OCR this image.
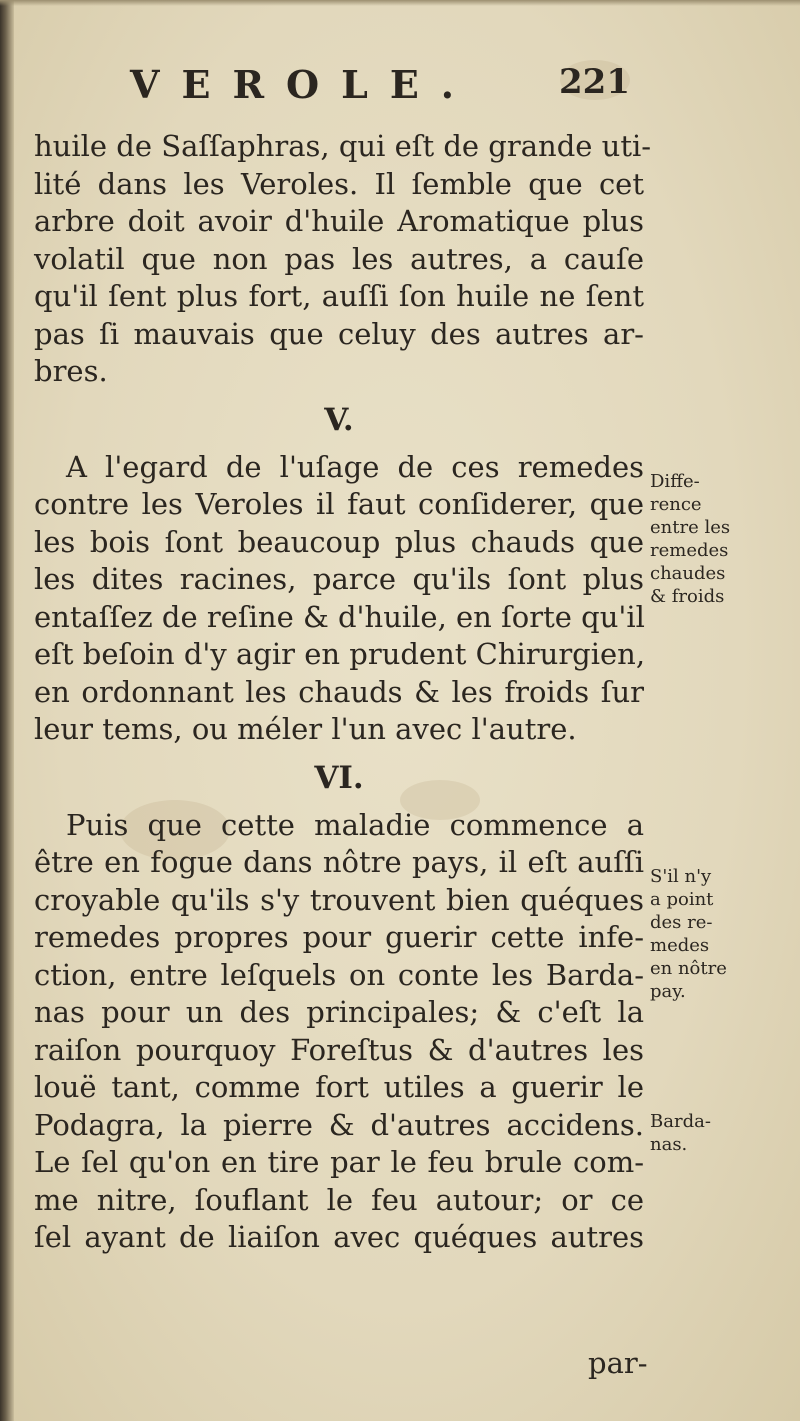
VEROLE. 221
huile de Saſſaphras, qui eſt de grande uti-
lité dans les Veroles. Il ſemble que cet
arbre doit avoir d'huile Aromatique plus
volatil que non pas les autres, a cauſe
qu'il ſent plus fort, auſſi ſon huile ne ſent
pas ſi mauvais que celuy des autres ar-
bres.
V.
A l'egard de l'uſage de ces remedes
contre les Veroles il faut conſiderer, que
les bois ſont beaucoup plus chauds que
les dites racines, parce qu'ils ſont plus
entaſſez de reſine & d'huile, en ſorte qu'il
eſt beſoin d'y agir en prudent Chirurgien,
en ordonnant les chauds & les froids ſur
leur tems, ou méler l'un avec l'autre.
VI.
Puis que cette maladie commence a
être en fogue dans nôtre pays, il eſt auſſi
croyable qu'ils s'y trouvent bien quéques
remedes propres pour guerir cette infe-
ction, entre leſquels on conte les Barda-
nas pour un des principales; & c'eſt la
raiſon pourquoy Foreſtus & d'autres les
louë tant, comme fort utiles a guerir le
Podagra, la pierre & d'autres accidens.
Le ſel qu'on en tire par le feu brule com-
me nitre, ſouflant le feu autour; or ce
ſel ayant de liaiſon avec quéques autres
par-
Diffe-
rence
entre les
remedes
chaudes
& froids
S'il n'y
a point
des re-
medes
en nôtre
pay.
Barda-
nas.
